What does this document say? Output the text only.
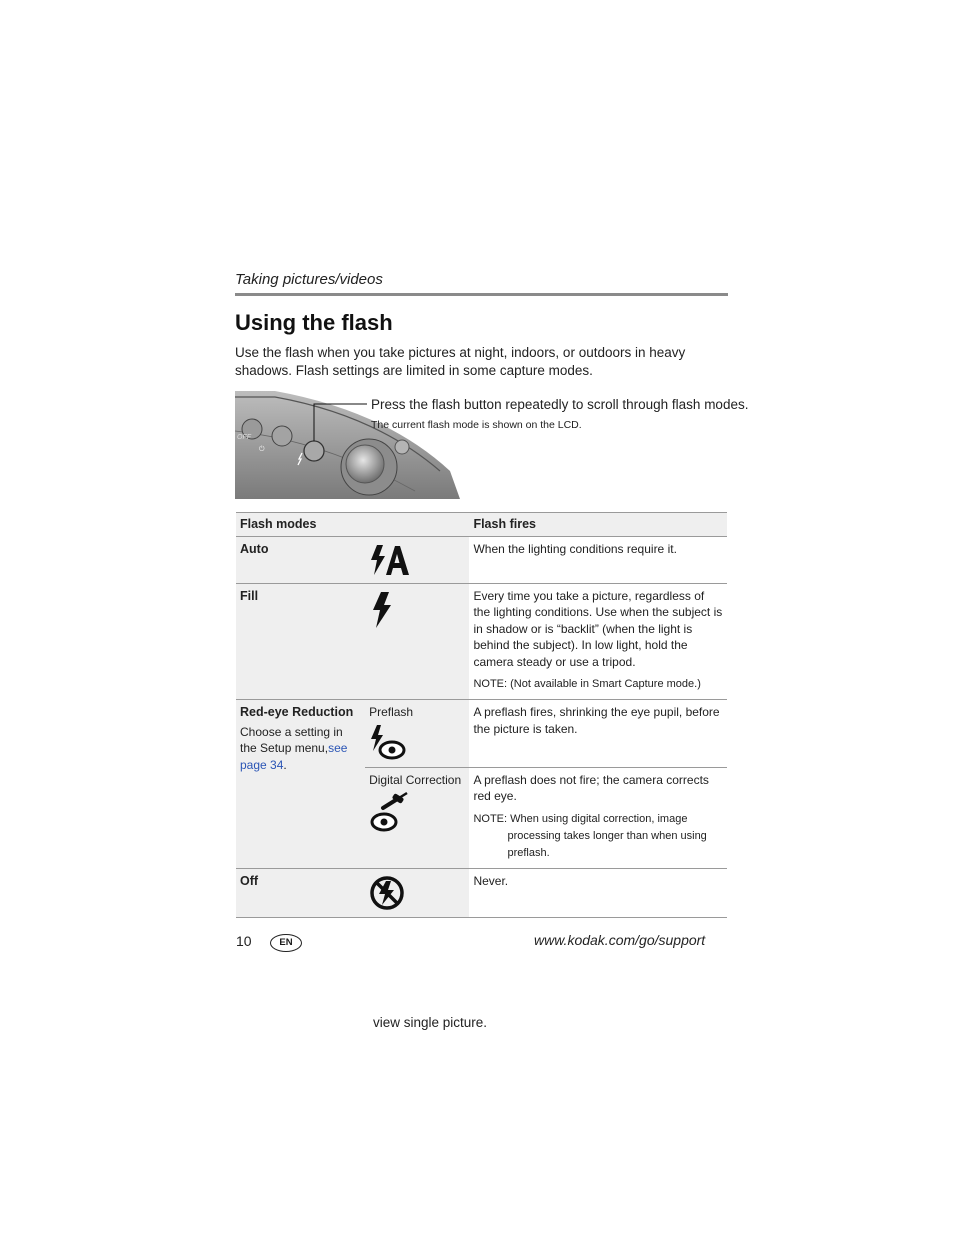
Taking pictures/videos
Using the flash
Use the flash when you take pictures at night, indoors, or outdoors in heavy shadows. Flash settings are limited in some capture modes.
⏻
OFF
Press the flash button repeatedly to scroll through flash modes.
The current flash mode is shown on the LCD.
Flash modes		Flash fires
Auto		When the lighting conditions require it.
Fill		Every time you take a picture, regardless of the lighting conditions. Use when the subject is in shadow or is “backlit” (when the light is behind the subject). In low light, hold the camera steady or use a tripod.
NOTE: (Not available in Smart Capture mode.)

Red-eye Reduction
Choose a setting in the Setup menu,see page 34.	Preflash	A preflash fires, shrinking the eye pupil, before the picture is taken.

	Digital Correction	A preflash does not fire; the camera corrects red eye.
NOTE: When using digital correction, image processing takes longer than when using preflash.

Off		Never.
10	EN	www.kodak.com/go/support
view single picture.
